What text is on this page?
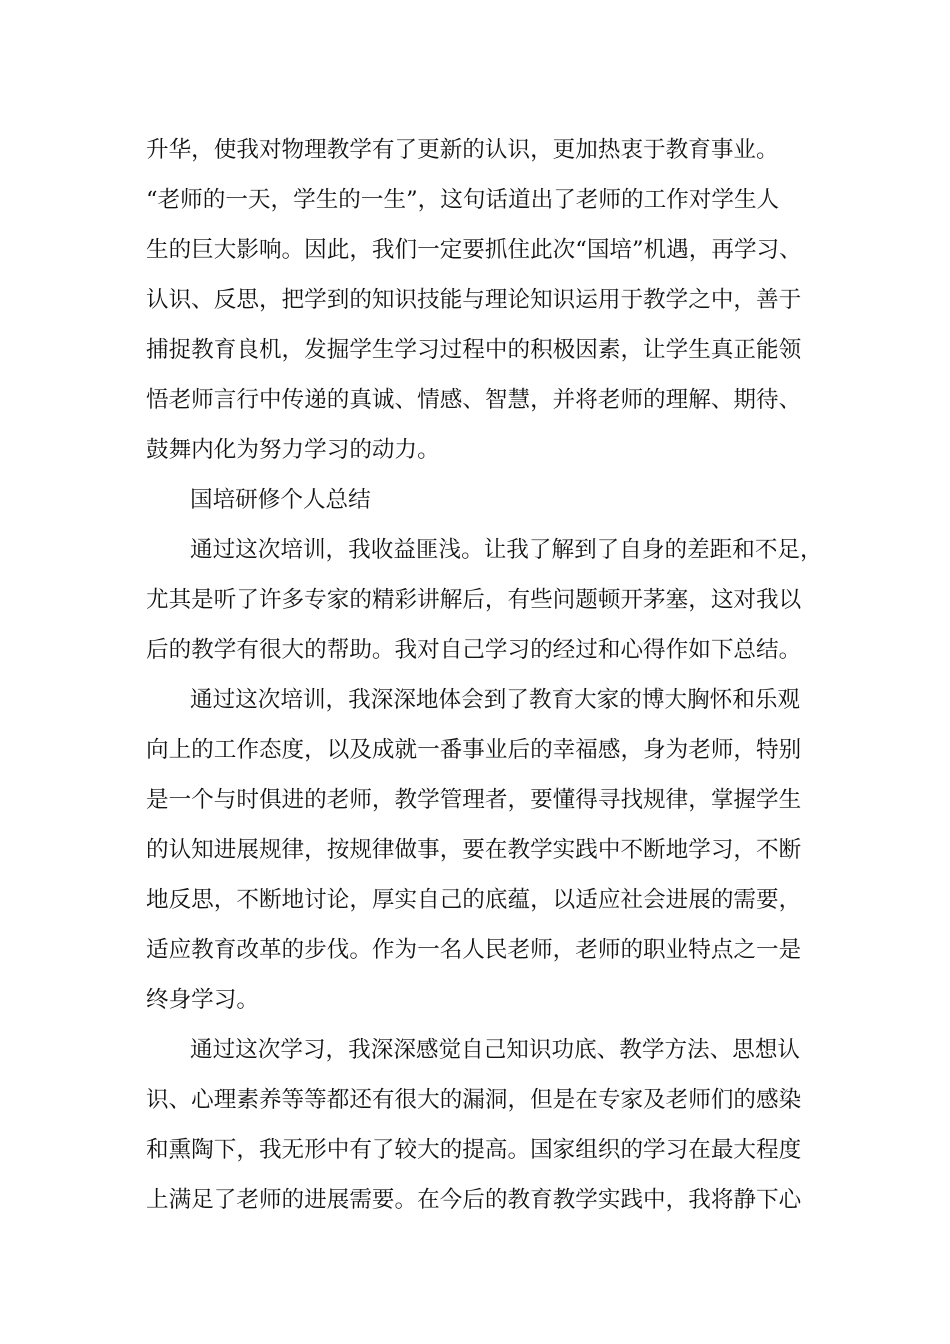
升华，使我对物理教学有了更新的认识，更加热衷于教育事业。
“老师的一天，学生的一生”，这句话道出了老师的工作对学生人
生的巨大影响。因此，我们一定要抓住此次“国培”机遇，再学习、
认识、反思，把学到的知识技能与理论知识运用于教学之中，善于
捕捉教育良机，发掘学生学习过程中的积极因素，让学生真正能领
悟老师言行中传递的真诚、情感、智慧，并将老师的理解、期待、
鼓舞内化为努力学习的动力。
国培研修个人总结
通过这次培训，我收益匪浅。让我了解到了自身的差距和不足，
尤其是听了许多专家的精彩讲解后，有些问题顿开茅塞，这对我以
后的教学有很大的帮助。我对自己学习的经过和心得作如下总结。
通过这次培训，我深深地体会到了教育大家的博大胸怀和乐观
向上的工作态度，以及成就一番事业后的幸福感，身为老师，特别
是一个与时俱进的老师，教学管理者，要懂得寻找规律，掌握学生
的认知进展规律，按规律做事，要在教学实践中不断地学习，不断
地反思，不断地讨论，厚实自己的底蕴，以适应社会进展的需要，
适应教育改革的步伐。作为一名人民老师，老师的职业特点之一是
终身学习。
通过这次学习，我深深感觉自己知识功底、教学方法、思想认
识、心理素养等等都还有很大的漏洞，但是在专家及老师们的感染
和熏陶下，我无形中有了较大的提高。国家组织的学习在最大程度
上满足了老师的进展需要。在今后的教育教学实践中，我将静下心
